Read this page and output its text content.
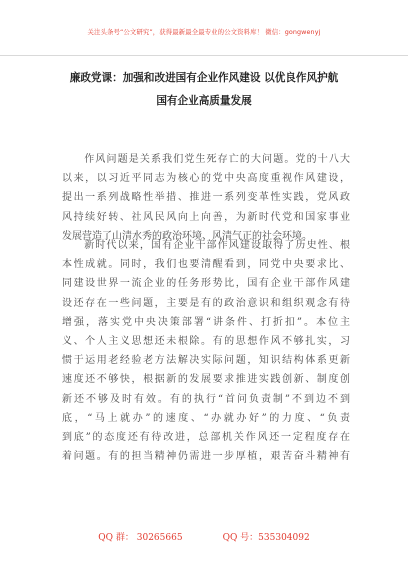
关注头条号“公文研究”，获得最新最全最专业的公文资料库！ 微信：gongwenyj
廉政党课：加强和改进国有企业作风建设 以优良作风护航
国有企业高质量发展
　　作风问题是关系我们党生死存亡的大问题。党的十八大
以来，以习近平同志为核心的党中央高度重视作风建设，
提出一系列战略性举措、推进一系列变革性实践，党风政
风持续好转、社风民风向上向善，为新时代党和国家事业
发展营造了山清水秀的政治环境、风清气正的社会环境。
　　新时代以来，国有企业干部作风建设取得了历史性、根
本性成就。同时，我们也要清醒看到，同党中央要求比、
同建设世界一流企业的任务形势比，国有企业干部作风建
设还存在一些问题，主要是有的政治意识和组织观念有待
增强，落实党中央决策部署“讲条件、打折扣”。本位主
义、个人主义思想还未根除。有的思想作风不够扎实，习
惯于运用老经验老方法解决实际问题，知识结构体系更新
速度还不够快，根据新的发展要求推进实践创新、制度创
新还不够及时有效。有的执行“首问负责制”不到边不到
底，“马上就办”的速度、“办就办好”的力度、“负责
到底”的态度还有待改进，总部机关作风还一定程度存在
着问题。有的担当精神仍需进一步厚植，艰苦奋斗精神有
QQ 群： 30265665	QQ 号：535304092
